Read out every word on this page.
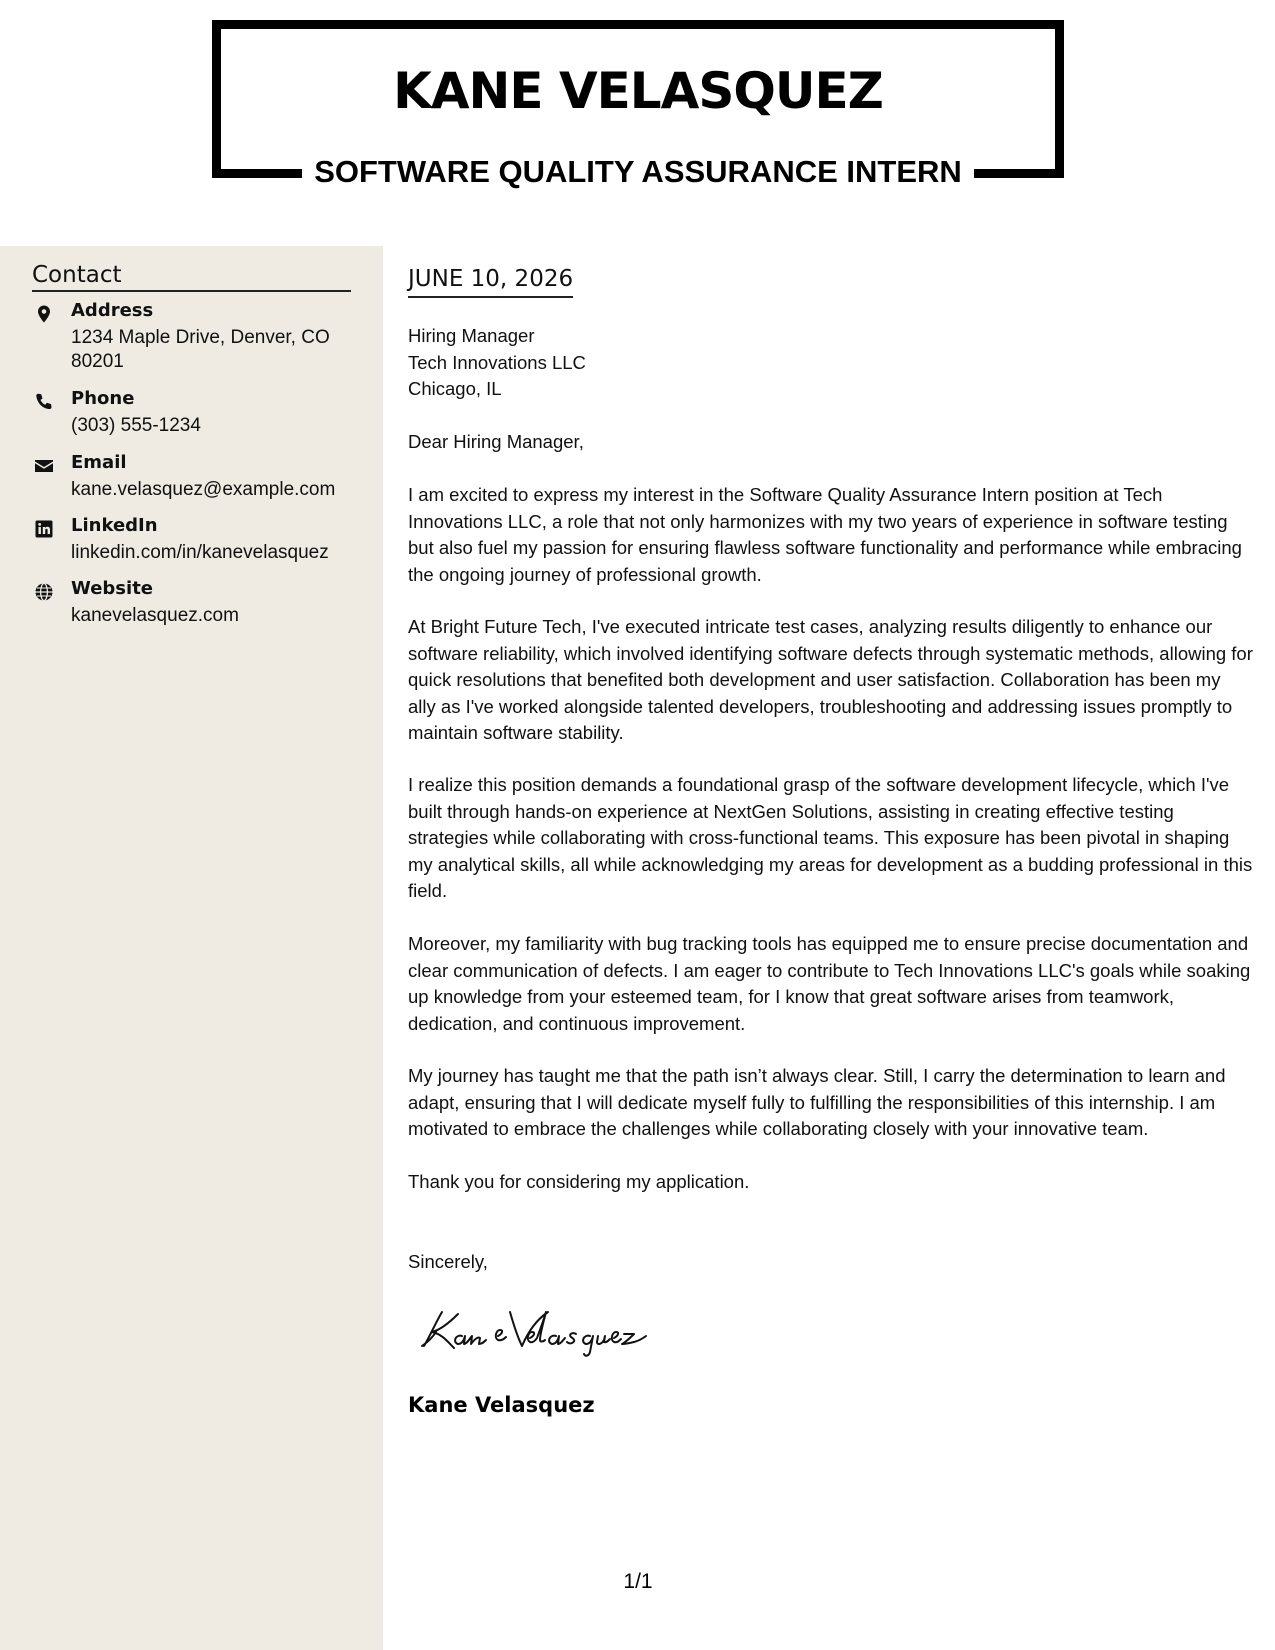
KANE VELASQUEZ
SOFTWARE QUALITY ASSURANCE INTERN
Contact
Address
1234 Maple Drive, Denver, CO 80201
Phone
(303) 555-1234
Email
kane.velasquez@example.com
LinkedIn
linkedin.com/in/kanevelasquez
Website
kanevelasquez.com
JUNE 10, 2026
Hiring Manager
Tech Innovations LLC
Chicago, IL
Dear Hiring Manager,
I am excited to express my interest in the Software Quality Assurance Intern position at Tech Innovations LLC, a role that not only harmonizes with my two years of experience in software testing but also fuel my passion for ensuring flawless software functionality and performance while embracing the ongoing journey of professional growth.
At Bright Future Tech, I've executed intricate test cases, analyzing results diligently to enhance our software reliability, which involved identifying software defects through systematic methods, allowing for quick resolutions that benefited both development and user satisfaction. Collaboration has been my ally as I've worked alongside talented developers, troubleshooting and addressing issues promptly to maintain software stability.
I realize this position demands a foundational grasp of the software development lifecycle, which I've built through hands-on experience at NextGen Solutions, assisting in creating effective testing strategies while collaborating with cross-functional teams. This exposure has been pivotal in shaping my analytical skills, all while acknowledging my areas for development as a budding professional in this field.
Moreover, my familiarity with bug tracking tools has equipped me to ensure precise documentation and clear communication of defects. I am eager to contribute to Tech Innovations LLC's goals while soaking up knowledge from your esteemed team, for I know that great software arises from teamwork, dedication, and continuous improvement.
My journey has taught me that the path isn’t always clear. Still, I carry the determination to learn and adapt, ensuring that I will dedicate myself fully to fulfilling the responsibilities of this internship. I am motivated to embrace the challenges while collaborating closely with your innovative team.
Thank you for considering my application.
Sincerely,
Kane Velasquez
1/1
